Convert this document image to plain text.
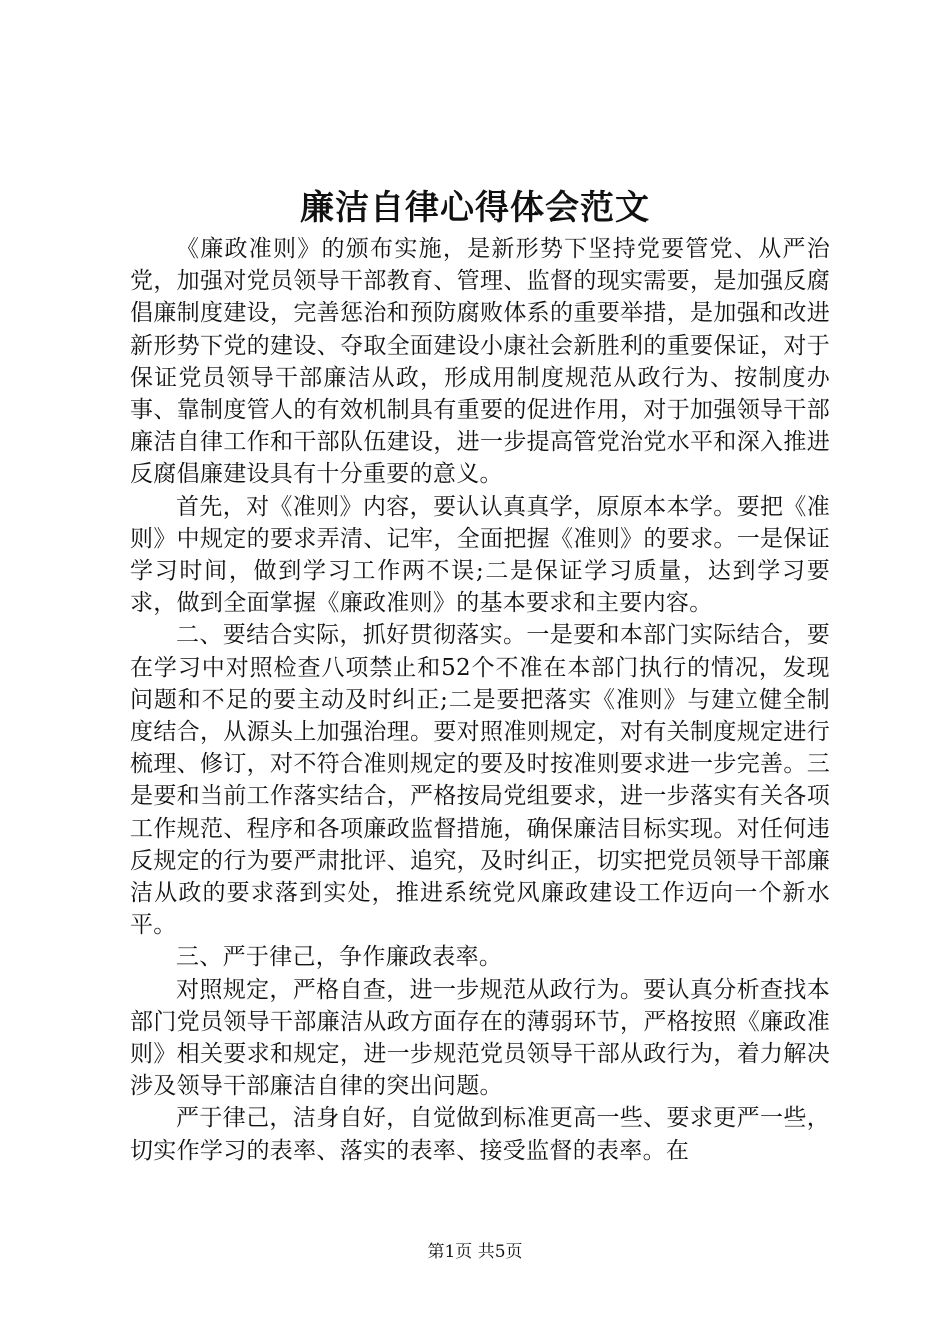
廉洁自律心得体会范文

《廉政准则》的颁布实施，是新形势下坚持党要管党、从严治党，加强对党员领导干部教育、管理、监督的现实需要，是加强反腐倡廉制度建设，完善惩治和预防腐败体系的重要举措，是加强和改进新形势下党的建设、夺取全面建设小康社会新胜利的重要保证，对于保证党员领导干部廉洁从政，形成用制度规范从政行为、按制度办事、靠制度管人的有效机制具有重要的促进作用，对于加强领导干部廉洁自律工作和干部队伍建设，进一步提高管党治党水平和深入推进反腐倡廉建设具有十分重要的意义。

首先，对《准则》内容，要认认真真学，原原本本学。要把《准则》中规定的要求弄清、记牢，全面把握《准则》的要求。一是保证学习时间，做到学习工作两不误;二是保证学习质量，达到学习要求，做到全面掌握《廉政准则》的基本要求和主要内容。

二、要结合实际，抓好贯彻落实。一是要和本部门实际结合，要在学习中对照检查八项禁止和52个不准在本部门执行的情况，发现问题和不足的要主动及时纠正;二是要把落实《准则》与建立健全制度结合，从源头上加强治理。要对照准则规定，对有关制度规定进行梳理、修订，对不符合准则规定的要及时按准则要求进一步完善。三是要和当前工作落实结合，严格按局党组要求，进一步落实有关各项工作规范、程序和各项廉政监督措施，确保廉洁目标实现。对任何违反规定的行为要严肃批评、追究，及时纠正，切实把党员领导干部廉洁从政的要求落到实处，推进系统党风廉政建设工作迈向一个新水平。

三、严于律己，争作廉政表率。

对照规定，严格自查，进一步规范从政行为。要认真分析查找本部门党员领导干部廉洁从政方面存在的薄弱环节，严格按照《廉政准则》相关要求和规定，进一步规范党员领导干部从政行为，着力解决涉及领导干部廉洁自律的突出问题。

严于律己，洁身自好，自觉做到标准更高一些、要求更严一些，切实作学习的表率、落实的表率、接受监督的表率。在

第1页 共5页
